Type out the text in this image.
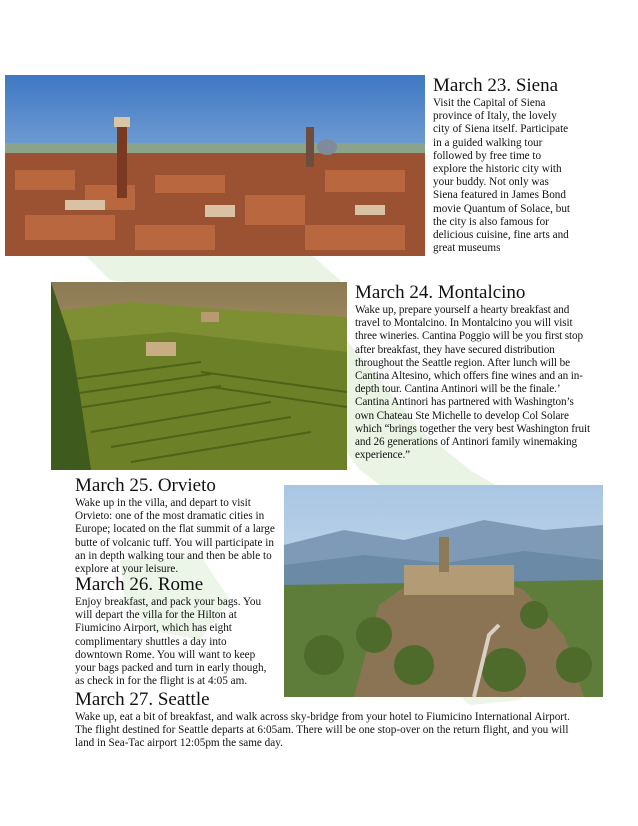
March 23. Siena

Visit the Capital of Siena province of Italy, the lovely city of Siena itself. Participate in a guided walking tour followed by free time to explore the historic city with your buddy. Not only was Siena featured in James Bond movie Quantum of Solace, but the city is also famous for delicious cuisine, fine arts and great museums

March 24. Montalcino

Wake up, prepare yourself a hearty breakfast and travel to Montalcino. In Montalcino you will visit three wineries. Cantina Poggio will be you first stop after breakfast, they have secured distribution throughout the Seattle region. After lunch will be Cantina Altesino, which offers fine wines and an in-depth tour. Cantina Antinori will be the finale.’ Cantina Antinori has partnered with Washington’s own Chateau Ste Michelle to develop Col Solare which “brings together the very best Washington fruit and 26 generations of Antinori family winemaking experience.”

March 25. Orvieto

Wake up in the villa, and depart to visit Orvieto: one of the most dramatic cities in Europe; located on the flat summit of a large butte of volcanic tuff. You will participate in an in depth walking tour and then be able to explore at your leisure.

March 26. Rome

Enjoy breakfast, and pack your bags. You will depart the villa for the Hilton at Fiumicino Airport, which has eight complimentary shuttles a day into downtown Rome. You will want to keep your bags packed and turn in early though, as check in for the flight is at 4:05 am.

March 27. Seattle

Wake up, eat a bit of breakfast, and walk across sky-bridge from your hotel to Fiumicino International Airport. The flight destined for Seattle departs at 6:05am. There will be one stop-over on the return flight, and you will land in Sea-Tac airport 12:05pm the same day.
